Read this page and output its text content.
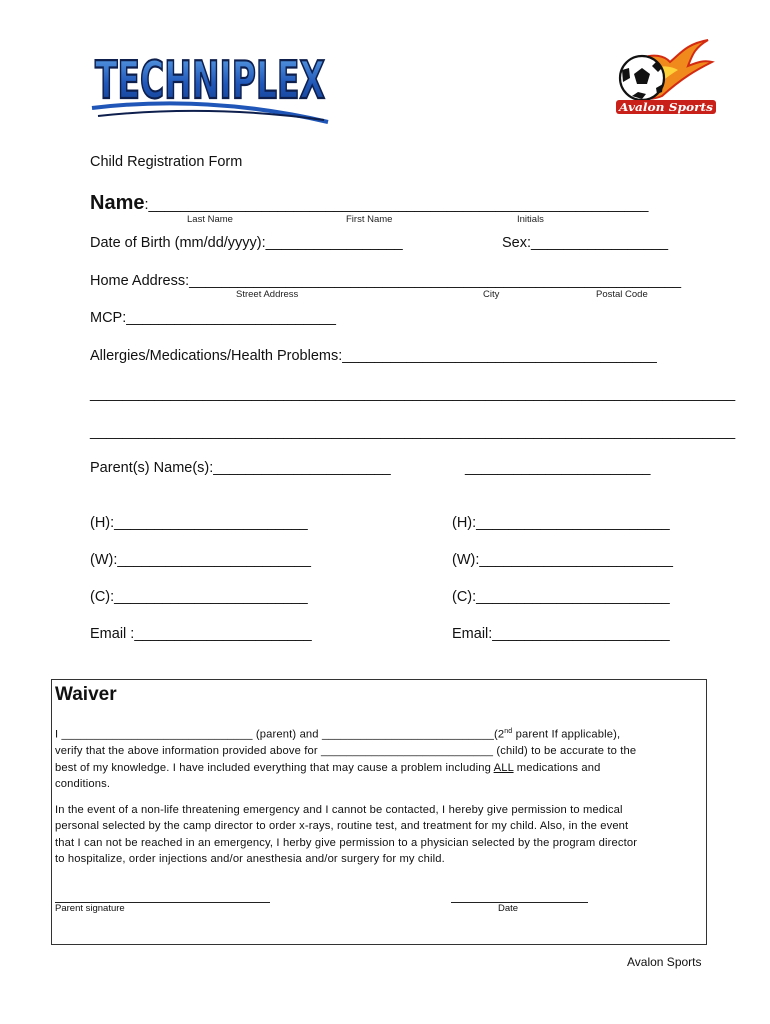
TECHNIPLEX	Avalon Sports
Child Registration Form
Name:______________________________________________________________
Last Name	First Name	Initials
Date of Birth (mm/dd/yyyy):_________________	Sex:_________________
Home Address:_____________________________________________________________
Street Address	City	Postal Code
MCP:__________________________
Allergies/Medications/Health Problems:_______________________________________
________________________________________________________________________________
________________________________________________________________________________
Parent(s) Name(s):______________________	_______________________
(H):________________________	(H):________________________
(W):________________________	(W):________________________
(C):________________________	(C):________________________
Email :______________________	Email:______________________
Waiver
I ______________________________ (parent) and ___________________________(2nd parent If applicable),
verify that the above information provided above for ___________________________ (child) to be accurate to the
best of my knowledge. I have included everything that may cause a problem including ALL medications and
conditions.
In the event of a non-life threatening emergency and I cannot be contacted, I hereby give permission to medical
personal selected by the camp director to order x-rays, routine test, and treatment for my child. Also, in the event
that I can not be reached in an emergency, I herby give permission to a physician selected by the program director
to hospitalize, order injections and/or anesthesia and/or surgery for my child.
Parent signature	Date
Avalon Sports
